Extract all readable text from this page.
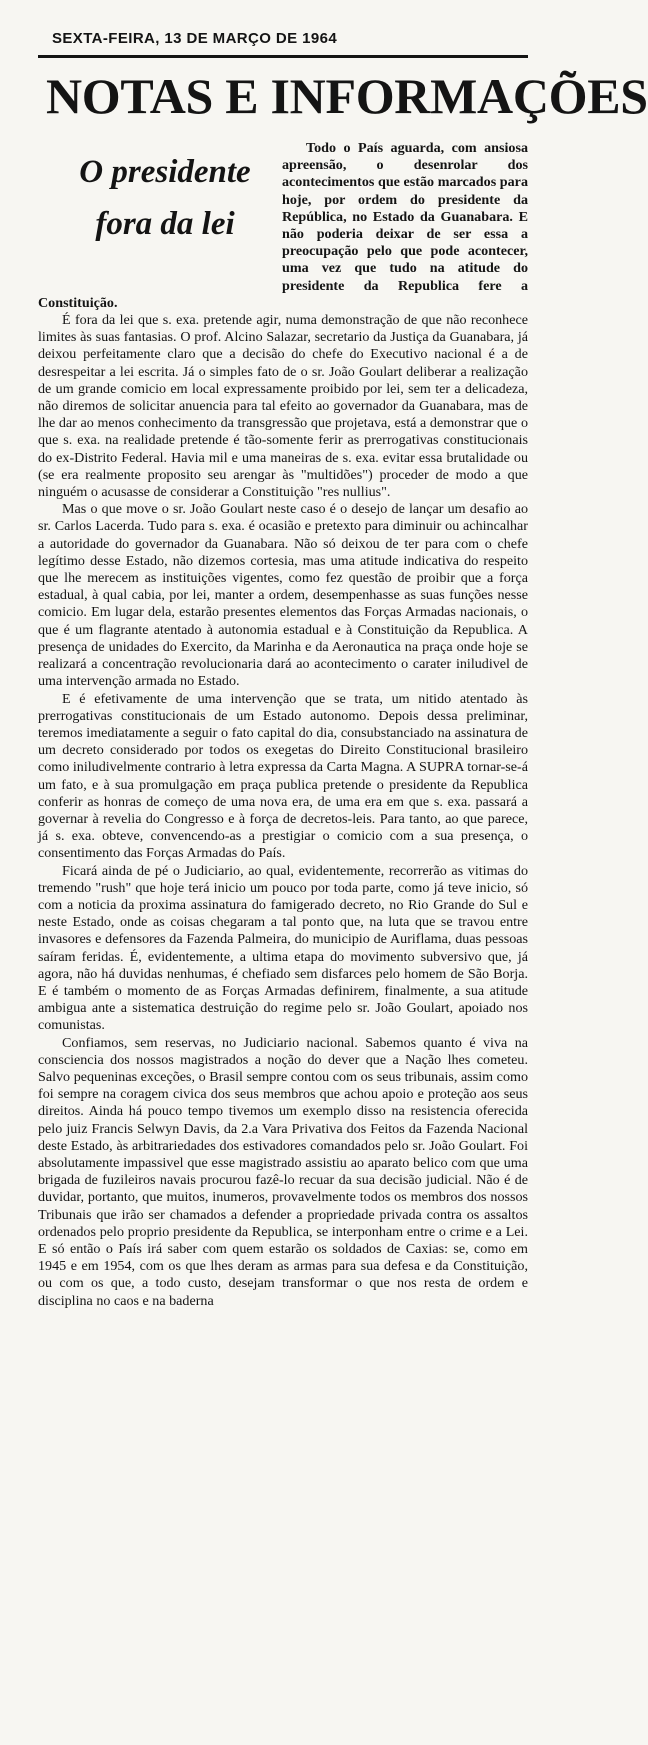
SEXTA-FEIRA, 13 DE MARÇO DE 1964
NOTAS E INFORMAÇÕES
O presidente
fora da lei

Todo o País aguarda, com ansiosa apreensão, o desenrolar dos acontecimentos que estão marcados para hoje, por ordem do presidente da República, no Estado da Guanabara. E não poderia deixar de ser essa a preocupação pelo que pode acontecer, uma vez que tudo na atitude do presidente da Republica fere a Constituição.

É fora da lei que s. exa. pretende agir, numa demonstração de que não reconhece limites às suas fantasias. O prof. Alcino Salazar, secretario da Justiça da Guanabara, já deixou perfeitamente claro que a decisão do chefe do Executivo nacional é a de desrespeitar a lei escrita. Já o simples fato de o sr. João Goulart deliberar a realização de um grande comicio em local expressamente proibido por lei, sem ter a delicadeza, não diremos de solicitar anuencia para tal efeito ao governador da Guanabara, mas de lhe dar ao menos conhecimento da transgressão que projetava, está a demonstrar que o que s. exa. na realidade pretende é tão-somente ferir as prerrogativas constitucionais do ex-Distrito Federal. Havia mil e uma maneiras de s. exa. evitar essa brutalidade ou (se era realmente proposito seu arengar às "multidões") proceder de modo a que ninguém o acusasse de considerar a Constituição "res nullius".

Mas o que move o sr. João Goulart neste caso é o desejo de lançar um desafio ao sr. Carlos Lacerda. Tudo para s. exa. é ocasião e pretexto para diminuir ou achincalhar a autoridade do governador da Guanabara. Não só deixou de ter para com o chefe legítimo desse Estado, não dizemos cortesia, mas uma atitude indicativa do respeito que lhe merecem as instituições vigentes, como fez questão de proibir que a força estadual, à qual cabia, por lei, manter a ordem, desempenhasse as suas funções nesse comicio. Em lugar dela, estarão presentes elementos das Forças Armadas nacionais, o que é um flagrante atentado à autonomia estadual e à Constituição da Republica. A presença de unidades do Exercito, da Marinha e da Aeronautica na praça onde hoje se realizará a concentração revolucionaria dará ao acontecimento o carater iniludivel de uma intervenção armada no Estado.

E é efetivamente de uma intervenção que se trata, um nitido atentado às prerrogativas constitucionais de um Estado autonomo. Depois dessa preliminar, teremos imediatamente a seguir o fato capital do dia, consubstanciado na assinatura de um decreto considerado por todos os exegetas do Direito Constitucional brasileiro como iniludivelmente contrario à letra expressa da Carta Magna. A SUPRA tornar-se-á um fato, e à sua promulgação em praça publica pretende o presidente da Republica conferir as honras de começo de uma nova era, de uma era em que s. exa. passará a governar à revelia do Congresso e à força de decretos-leis. Para tanto, ao que parece, já s. exa. obteve, convencendo-as a prestigiar o comicio com a sua presença, o consentimento das Forças Armadas do País.

Ficará ainda de pé o Judiciario, ao qual, evidentemente, recorrerão as vitimas do tremendo "rush" que hoje terá inicio um pouco por toda parte, como já teve inicio, só com a noticia da proxima assinatura do famigerado decreto, no Rio Grande do Sul e neste Estado, onde as coisas chegaram a tal ponto que, na luta que se travou entre invasores e defensores da Fazenda Palmeira, do municipio de Auriflama, duas pessoas saíram feridas. É, evidentemente, a ultima etapa do movimento subversivo que, já agora, não há duvidas nenhumas, é chefiado sem disfarces pelo homem de São Borja. E é também o momento de as Forças Armadas definirem, finalmente, a sua atitude ambigua ante a sistematica destruição do regime pelo sr. João Goulart, apoiado nos comunistas.

Confiamos, sem reservas, no Judiciario nacional. Sabemos quanto é viva na consciencia dos nossos magistrados a noção do dever que a Nação lhes cometeu. Salvo pequeninas exceções, o Brasil sempre contou com os seus tribunais, assim como foi sempre na coragem civica dos seus membros que achou apoio e proteção aos seus direitos. Ainda há pouco tempo tivemos um exemplo disso na resistencia oferecida pelo juiz Francis Selwyn Davis, da 2.a Vara Privativa dos Feitos da Fazenda Nacional deste Estado, às arbitrariedades dos estivadores comandados pelo sr. João Goulart. Foi absolutamente impassivel que esse magistrado assistiu ao aparato belico com que uma brigada de fuzileiros navais procurou fazê-lo recuar da sua decisão judicial. Não é de duvidar, portanto, que muitos, inumeros, provavelmente todos os membros dos nossos Tribunais que irão ser chamados a defender a propriedade privada contra os assaltos ordenados pelo proprio presidente da Republica, se interponham entre o crime e a Lei. E só então o País irá saber com quem estarão os soldados de Caxias: se, como em 1945 e em 1954, com os que lhes deram as armas para sua defesa e da Constituição, ou com os que, a todo custo, desejam transformar o que nos resta de ordem e disciplina no caos e na baderna
